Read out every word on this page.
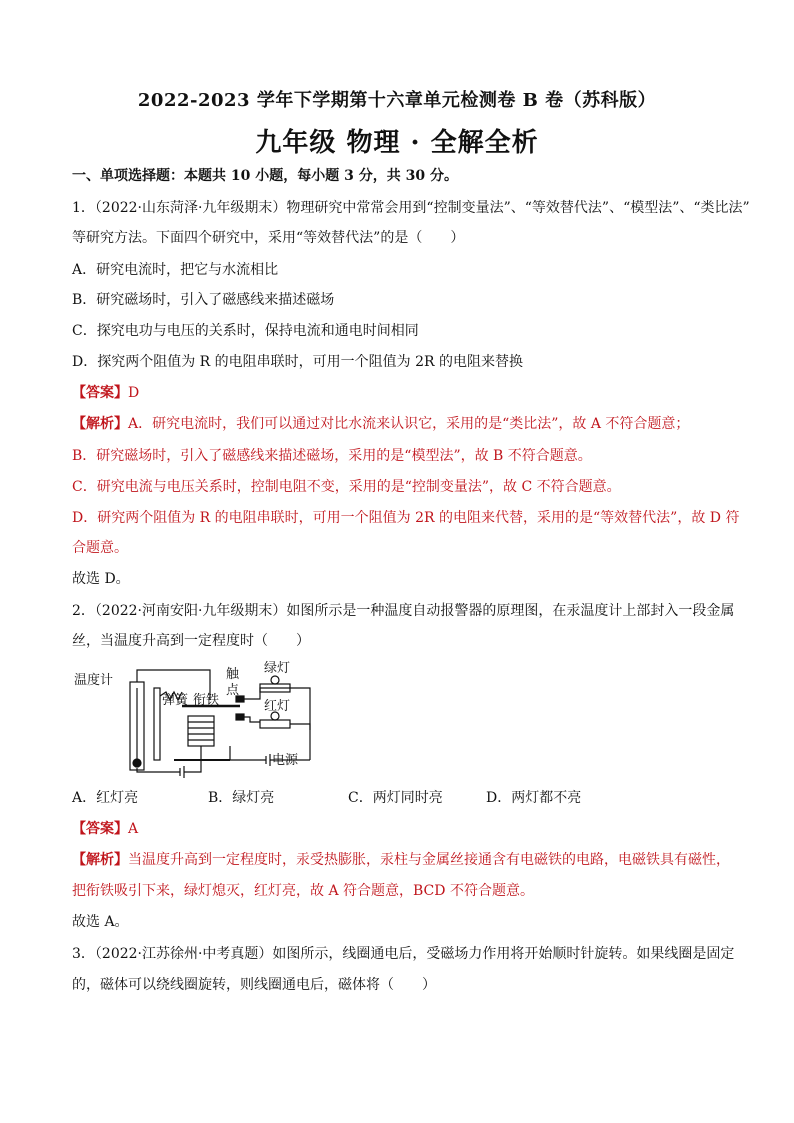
2022-2023 学年下学期第十六章单元检测卷 B 卷（苏科版）
九年级 物理 · 全解全析
一、单项选择题：本题共 10 小题，每小题 3 分，共 30 分。
1．（2022·山东菏泽·九年级期末）物理研究中常常会用到“控制变量法”、“等效替代法”、“模型法”、“类比法”
等研究方法。下面四个研究中，采用“等效替代法”的是（　　）
A．研究电流时，把它与水流相比
B．研究磁场时，引入了磁感线来描述磁场
C．探究电功与电压的关系时，保持电流和通电时间相同
D．探究两个阻值为 R 的电阻串联时，可用一个阻值为 2R 的电阻来替换
【答案】D
【解析】A．研究电流时，我们可以通过对比水流来认识它，采用的是“类比法”，故 A 不符合题意；
B．研究磁场时，引入了磁感线来描述磁场，采用的是“模型法”，故 B 不符合题意。
C．研究电流与电压关系时，控制电阻不变，采用的是“控制变量法”，故 C 不符合题意。
D．研究两个阻值为 R 的电阻串联时，可用一个阻值为 2R 的电阻来代替，采用的是“等效替代法”，故 D 符
合题意。
故选 D。
2．（2022·河南安阳·九年级期末）如图所示是一种温度自动报警器的原理图，在汞温度计上部封入一段金属
丝，当温度升高到一定程度时（　　）
温度计
弹簧 衔铁
触
点
绿灯
红灯
电源
A．红灯亮	B．绿灯亮	C．两灯同时亮	D．两灯都不亮
【答案】A
【解析】当温度升高到一定程度时，汞受热膨胀，汞柱与金属丝接通含有电磁铁的电路，电磁铁具有磁性，
把衔铁吸引下来，绿灯熄灭，红灯亮，故 A 符合题意，BCD 不符合题意。
故选 A。
3．（2022·江苏徐州·中考真题）如图所示，线圈通电后，受磁场力作用将开始顺时针旋转。如果线圈是固定
的，磁体可以绕线圈旋转，则线圈通电后，磁体将（　　）
